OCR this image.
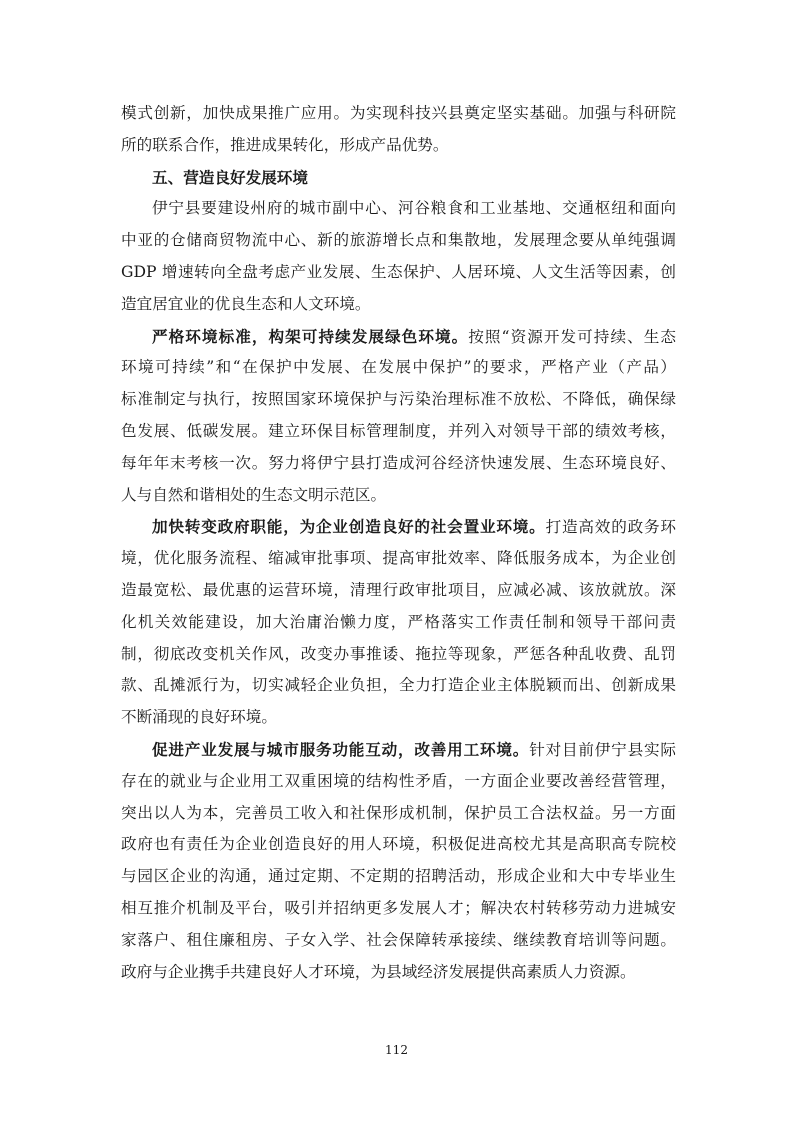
模式创新，加快成果推广应用。为实现科技兴县奠定坚实基础。加强与科研院
所的联系合作，推进成果转化，形成产品优势。
五、营造良好发展环境
伊宁县要建设州府的城市副中心、河谷粮食和工业基地、交通枢纽和面向
中亚的仓储商贸物流中心、新的旅游增长点和集散地，发展理念要从单纯强调
GDP 增速转向全盘考虑产业发展、生态保护、人居环境、人文生活等因素，创
造宜居宜业的优良生态和人文环境。
严格环境标准，构架可持续发展绿色环境。按照“资源开发可持续、生态
环境可持续”和“在保护中发展、在发展中保护”的要求，严格产业（产品）
标准制定与执行，按照国家环境保护与污染治理标准不放松、不降低，确保绿
色发展、低碳发展。建立环保目标管理制度，并列入对领导干部的绩效考核，
每年年末考核一次。努力将伊宁县打造成河谷经济快速发展、生态环境良好、
人与自然和谐相处的生态文明示范区。
加快转变政府职能，为企业创造良好的社会置业环境。打造高效的政务环
境，优化服务流程、缩减审批事项、提高审批效率、降低服务成本，为企业创
造最宽松、最优惠的运营环境，清理行政审批项目，应减必减、该放就放。深
化机关效能建设，加大治庸治懒力度，严格落实工作责任制和领导干部问责
制，彻底改变机关作风，改变办事推诿、拖拉等现象，严惩各种乱收费、乱罚
款、乱摊派行为，切实减轻企业负担，全力打造企业主体脱颖而出、创新成果
不断涌现的良好环境。
促进产业发展与城市服务功能互动，改善用工环境。针对目前伊宁县实际
存在的就业与企业用工双重困境的结构性矛盾，一方面企业要改善经营管理，
突出以人为本，完善员工收入和社保形成机制，保护员工合法权益。另一方面
政府也有责任为企业创造良好的用人环境，积极促进高校尤其是高职高专院校
与园区企业的沟通，通过定期、不定期的招聘活动，形成企业和大中专毕业生
相互推介机制及平台，吸引并招纳更多发展人才；解决农村转移劳动力进城安
家落户、租住廉租房、子女入学、社会保障转承接续、继续教育培训等问题。
政府与企业携手共建良好人才环境，为县域经济发展提供高素质人力资源。
112
